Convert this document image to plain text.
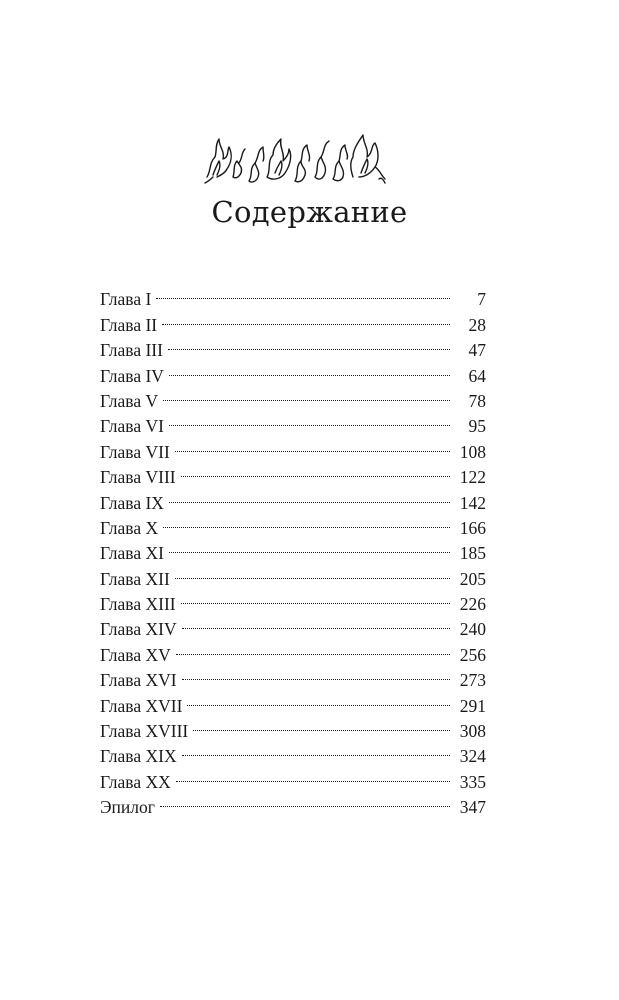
Содержание
Глава I	7
Глава II	28
Глава III	47
Глава IV	64
Глава V	78
Глава VI	95
Глава VII	108
Глава VIII	122
Глава IX	142
Глава X	166
Глава XI	185
Глава XII	205
Глава XIII	226
Глава XIV	240
Глава XV	256
Глава XVI	273
Глава XVII	291
Глава XVIII	308
Глава XIX	324
Глава XX	335
Эпилог	347
